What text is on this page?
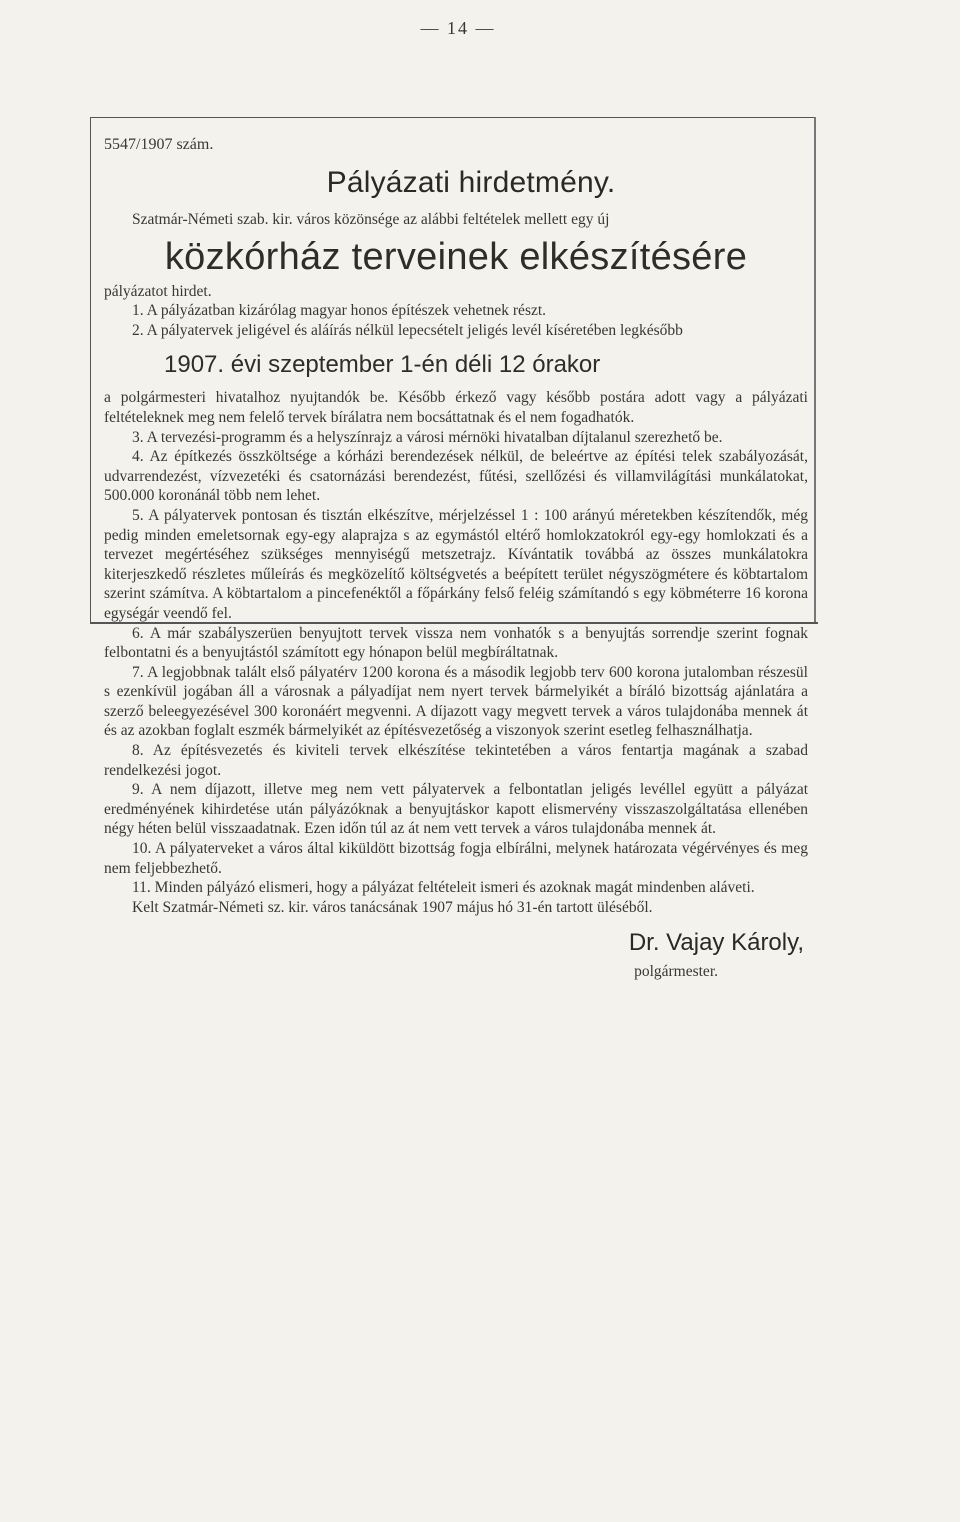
— 14 —

5547/1907 szám.

Pályázati hirdetmény.

Szatmár-Németi szab. kir. város közönsége az alábbi feltételek mellett egy új

közkórház terveinek elkészítésére

pályázatot hirdet.

1. A pályázatban kizárólag magyar honos építészek vehetnek részt.

2. A pályatervek jeligével és aláírás nélkül lepecsételt jeligés levél kíséretében legkésőbb

1907. évi szeptember 1-én déli 12 órakor

a polgármesteri hivatalhoz nyujtandók be. Később érkező vagy később postára adott vagy a pályázati feltételeknek meg nem felelő tervek bírálatra nem bocsáttatnak és el nem fogadhatók.

3. A tervezési-programm és a helyszínrajz a városi mérnöki hivatalban díjtalanul szerezhető be.

4. Az építkezés összköltsége a kórházi berendezések nélkül, de beleértve az építési telek szabályozását, udvarrendezést, vízvezetéki és csatornázási berendezést, fűtési, szellőzési és villamvilágítási munkálatokat, 500.000 koronánál több nem lehet.

5. A pályatervek pontosan és tisztán elkészítve, mérjelzéssel 1 : 100 arányú méretekben készítendők, még pedig minden emeletsornak egy-egy alaprajza s az egymástól eltérő homlokzatokról egy-egy homlokzati és a tervezet megértéséhez szükséges mennyiségű metszetrajz. Kívántatik továbbá az összes munkálatokra kiterjeszkedő részletes műleírás és megközelítő költségvetés a beépített terület négyszögmétere és köbtartalom szerint számítva. A köbtartalom a pincefenéktől a főpárkány felső feléig számítandó s egy köbméterre 16 korona egységár veendő fel.

6. A már szabályszerüen benyujtott tervek vissza nem vonhatók s a benyujtás sorrendje szerint fognak felbontatni és a benyujtástól számított egy hónapon belül megbíráltatnak.

7. A legjobbnak talált első pályatérv 1200 korona és a második legjobb terv 600 korona jutalomban részesül s ezenkívül jogában áll a városnak a pályadíjat nem nyert tervek bármelyikét a bíráló bizottság ajánlatára a szerző beleegyezésével 300 koronáért megvenni. A díjazott vagy megvett tervek a város tulajdonába mennek át és az azokban foglalt eszmék bármelyikét az építésvezetőség a viszonyok szerint esetleg felhasználhatja.

8. Az építésvezetés és kiviteli tervek elkészítése tekintetében a város fentartja magának a szabad rendelkezési jogot.

9. A nem díjazott, illetve meg nem vett pályatervek a felbontatlan jeligés levéllel együtt a pályázat eredményének kihirdetése után pályázóknak a benyujtáskor kapott elismervény visszaszolgáltatása ellenében négy héten belül visszaadatnak. Ezen időn túl az át nem vett tervek a város tulajdonába mennek át.

10. A pályaterveket a város által kiküldött bizottság fogja elbírálni, melynek határozata végérvényes és meg nem feljebbezhető.

11. Minden pályázó elismeri, hogy a pályázat feltételeit ismeri és azoknak magát mindenben aláveti.

Kelt Szatmár-Németi sz. kir. város tanácsának 1907 május hó 31-én tartott üléséből.

Dr. Vajay Károly,

polgármester.
